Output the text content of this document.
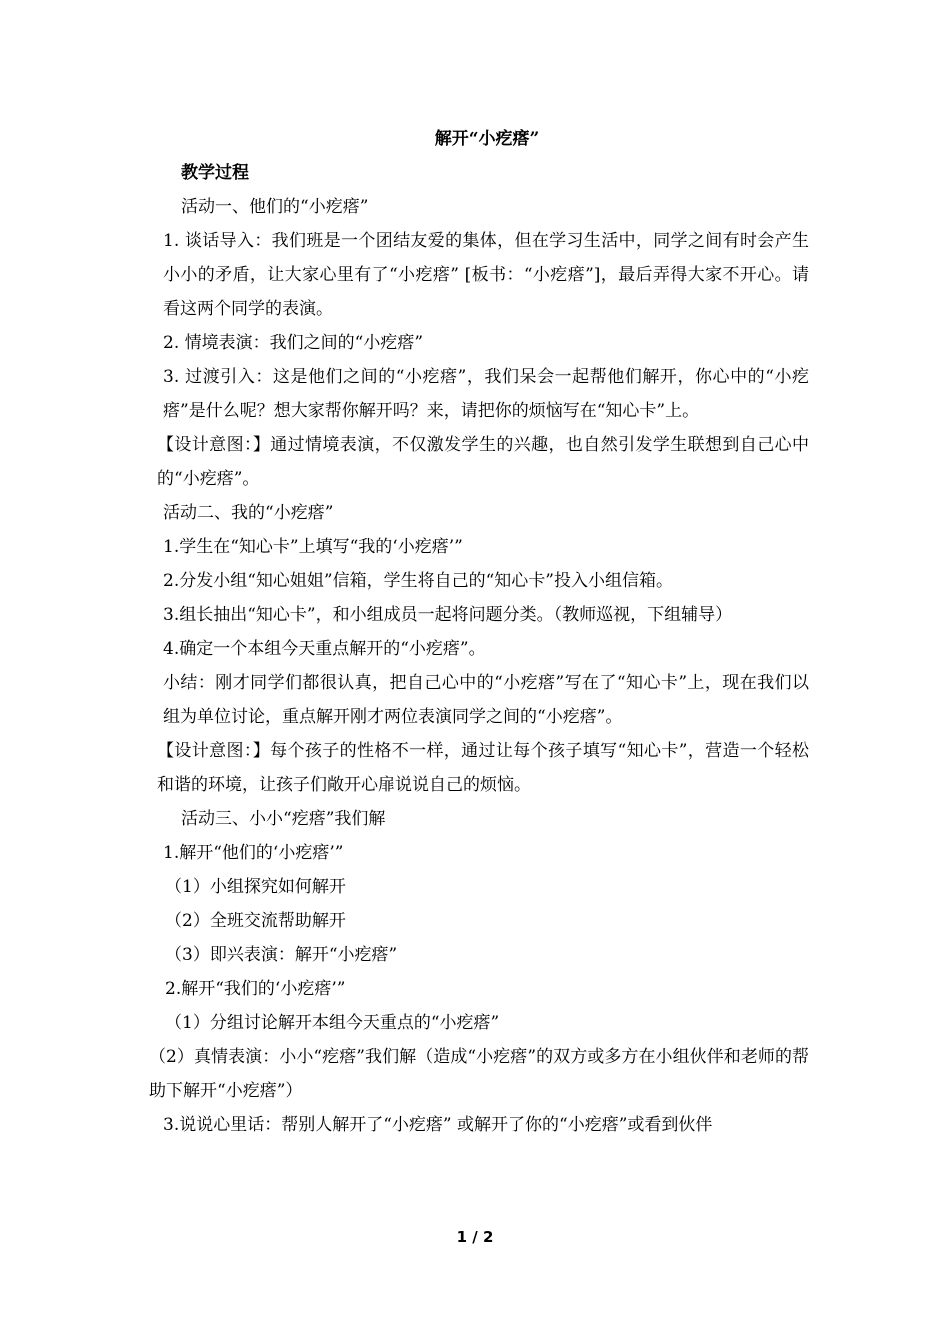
解开“小疙瘩”
教学过程

活动一、他们的“小疙瘩”

1. 谈话导入：我们班是一个团结友爱的集体，但在学习生活中，同学之间有时会产生小小的矛盾，让大家心里有了“小疙瘩” [板书：“小疙瘩”]，最后弄得大家不开心。请看这两个同学的表演。

2. 情境表演：我们之间的“小疙瘩”

3. 过渡引入：这是他们之间的“小疙瘩”，我们呆会一起帮他们解开，你心中的“小疙瘩”是什么呢？想大家帮你解开吗？来，请把你的烦恼写在“知心卡”上。

【设计意图：】通过情境表演，不仅激发学生的兴趣，也自然引发学生联想到自己心中的“小疙瘩”。

活动二、我的“小疙瘩”

1.学生在“知心卡”上填写“我的‘小疙瘩’”

2.分发小组“知心姐姐”信箱，学生将自己的“知心卡”投入小组信箱。

3.组长抽出“知心卡”，和小组成员一起将问题分类。（教师巡视，下组辅导）

4.确定一个本组今天重点解开的“小疙瘩”。

小结：刚才同学们都很认真，把自己心中的“小疙瘩”写在了“知心卡”上，现在我们以组为单位讨论，重点解开刚才两位表演同学之间的“小疙瘩”。

【设计意图：】每个孩子的性格不一样，通过让每个孩子填写“知心卡”，营造一个轻松和谐的环境，让孩子们敞开心扉说说自己的烦恼。

活动三、小小“疙瘩”我们解

1.解开“他们的‘小疙瘩’”

（1）小组探究如何解开

（2）全班交流帮助解开

（3）即兴表演：解开“小疙瘩”

2.解开“我们的‘小疙瘩’”

（1）分组讨论解开本组今天重点的“小疙瘩”

（2）真情表演：小小“疙瘩”我们解（造成“小疙瘩”的双方或多方在小组伙伴和老师的帮助下解开“小疙瘩”）

3.说说心里话：帮别人解开了“小疙瘩” 或解开了你的“小疙瘩”或看到伙伴

1 / 2
